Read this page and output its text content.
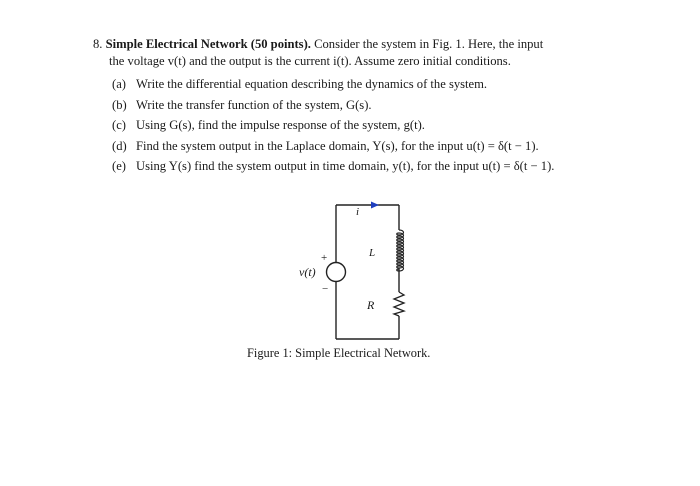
8. Simple Electrical Network (50 points). Consider the system in Fig. 1. Here, the input
the voltage v(t) and the output is the current i(t). Assume zero initial conditions.
(a) Write the differential equation describing the dynamics of the system.
(b) Write the transfer function of the system, G(s).
(c) Using G(s), find the impulse response of the system, g(t).
(d) Find the system output in the Laplace domain, Y(s), for the input u(t) = δ(t − 1).
(e) Using Y(s) find the system output in time domain, y(t), for the input u(t) = δ(t − 1).
i
L
R
v(t)
+
−
Figure 1: Simple Electrical Network.
